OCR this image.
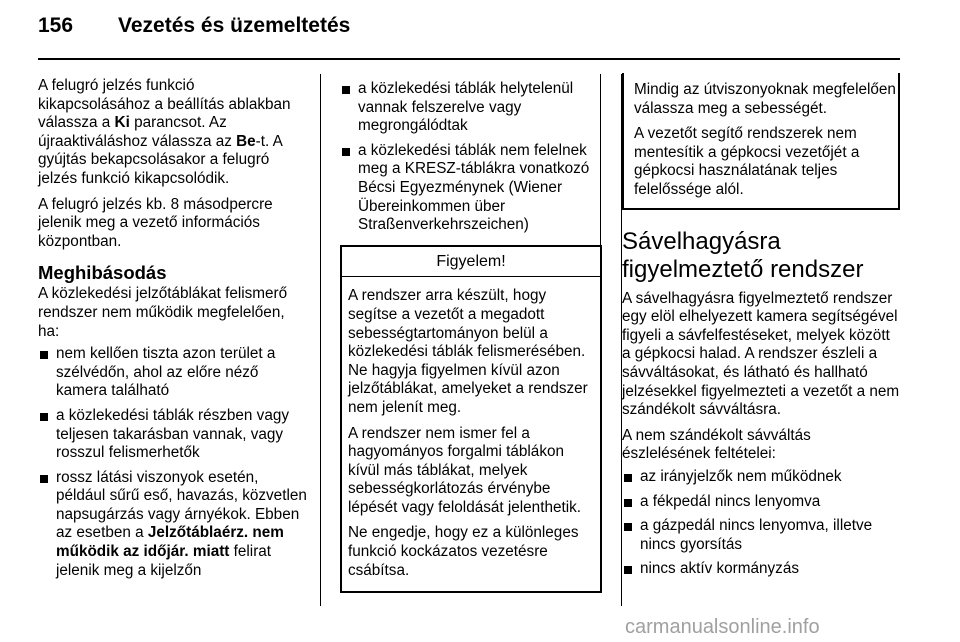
156 Vezetés és üzemeltetés

A felugró jelzés funkció kikapcsolásához a beállítás ablakban válassza a Ki parancsot. Az újraaktiváláshoz válassza az Be-t. A gyújtás bekapcsolásakor a felugró jelzés funkció kikapcsolódik.

A felugró jelzés kb. 8 másodpercre jelenik meg a vezető információs központban.

Meghibásodás

A közlekedési jelzőtáblákat felismerő rendszer nem működik megfelelően, ha:

nem kellően tiszta azon terület a szélvédőn, ahol az előre néző kamera található
a közlekedési táblák részben vagy teljesen takarásban vannak, vagy rosszul felismerhetők
rossz látási viszonyok esetén, például sűrű eső, havazás, közvetlen napsugárzás vagy árnyékok. Ebben az esetben a Jelzőtáblaérz. nem működik az időjár. miatt felirat jelenik meg a kijelzőn
a közlekedési táblák helytelenül vannak felszerelve vagy megrongálódtak
a közlekedési táblák nem felelnek meg a KRESZ-táblákra vonatkozó Bécsi Egyezménynek (Wiener Übereinkommen über Straßenverkehrszeichen)
Figyelem!

A rendszer arra készült, hogy segítse a vezetőt a megadott sebességtartományon belül a közlekedési táblák felismerésében. Ne hagyja figyelmen kívül azon jelzőtáblákat, amelyeket a rendszer nem jelenít meg.

A rendszer nem ismer fel a hagyományos forgalmi táblákon kívül más táblákat, melyek sebességkorlátozás érvénybe lépését vagy feloldását jelenthetik.

Ne engedje, hogy ez a különleges funkció kockázatos vezetésre csábítsa.

Mindig az útviszonyoknak megfelelően válassza meg a sebességét.

A vezetőt segítő rendszerek nem mentesítik a gépkocsi vezetőjét a gépkocsi használatának teljes felelőssége alól.

Sávelhagyásra figyelmeztető rendszer

A sávelhagyásra figyelmeztető rendszer egy elöl elhelyezett kamera segítségével figyeli a sávfelfestéseket, melyek között a gépkocsi halad. A rendszer észleli a sávváltásokat, és látható és hallható jelzésekkel figyelmezteti a vezetőt a nem szándékolt sávváltásra.

A nem szándékolt sávváltás észlelésének feltételei:

az irányjelzők nem működnek
a fékpedál nincs lenyomva
a gázpedál nincs lenyomva, illetve nincs gyorsítás
nincs aktív kormányzás
carmanualsonline.info
